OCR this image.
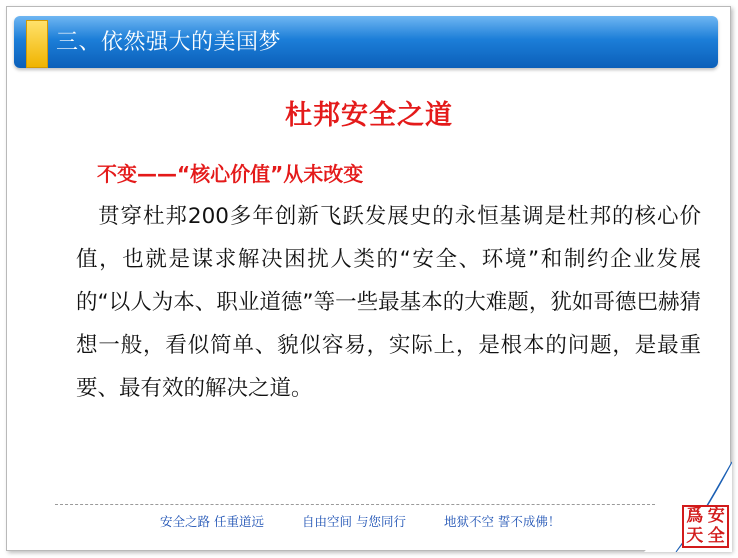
三、依然强大的美国梦
杜邦安全之道
不变——“核心价值”从未改变

贯穿杜邦200多年创新飞跃发展史的永恒基调是杜邦的核心价值，也就是谋求解决困扰人类的“安全、环境”和制约企业发展的“以人为本、职业道德”等一些最基本的大难题，犹如哥德巴赫猜想一般，看似简单、貌似容易，实际上，是根本的问题，是最重要、最有效的解决之道。

安全之路 任重道远	自由空间 与您同行	地狱不空 誓不成佛！	爲 安
天 全
